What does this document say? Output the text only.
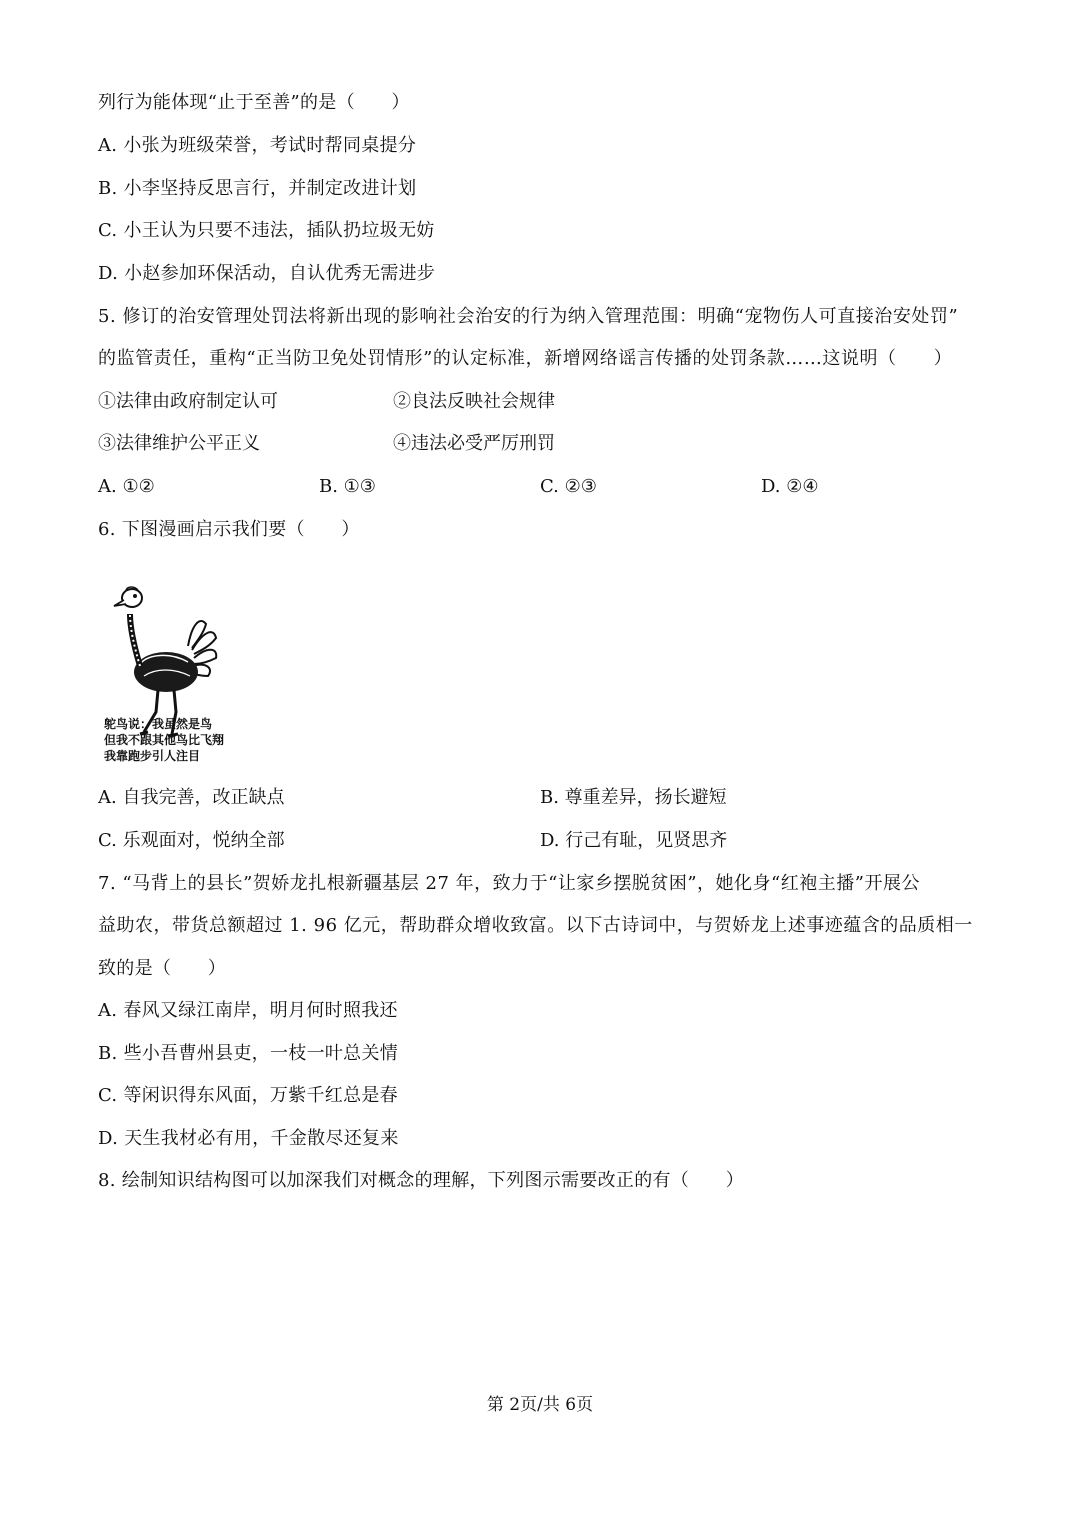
列行为能体现“止于至善”的是（　　）
A. 小张为班级荣誉，考试时帮同桌提分
B. 小李坚持反思言行，并制定改进计划
C. 小王认为只要不违法，插队扔垃圾无妨
D. 小赵参加环保活动，自认优秀无需进步
5. 修订的治安管理处罚法将新出现的影响社会治安的行为纳入管理范围：明确“宠物伤人可直接治安处罚”
的监管责任，重构“正当防卫免处罚情形”的认定标准，新增网络谣言传播的处罚条款……这说明（　　）
①法律由政府制定认可	②良法反映社会规律
③法律维护公平正义	④违法必受严厉刑罚
A. ①②	B. ①③	C. ②③	D. ②④
6. 下图漫画启示我们要（　　）
鸵鸟说：我虽然是鸟
但我不跟其他鸟比飞翔
我靠跑步引人注目
A. 自我完善，改正缺点	B. 尊重差异，扬长避短
C. 乐观面对，悦纳全部	D. 行己有耻，见贤思齐
7. “马背上的县长”贺娇龙扎根新疆基层 27 年，致力于“让家乡摆脱贫困”，她化身“红袍主播”开展公
益助农，带货总额超过 1. 96 亿元，帮助群众增收致富。以下古诗词中，与贺娇龙上述事迹蕴含的品质相一
致的是（　　）
A. 春风又绿江南岸，明月何时照我还
B. 些小吾曹州县吏，一枝一叶总关情
C. 等闲识得东风面，万紫千红总是春
D. 天生我材必有用，千金散尽还复来
8. 绘制知识结构图可以加深我们对概念的理解，下列图示需要改正的有（　　）
第 2页/共 6页
